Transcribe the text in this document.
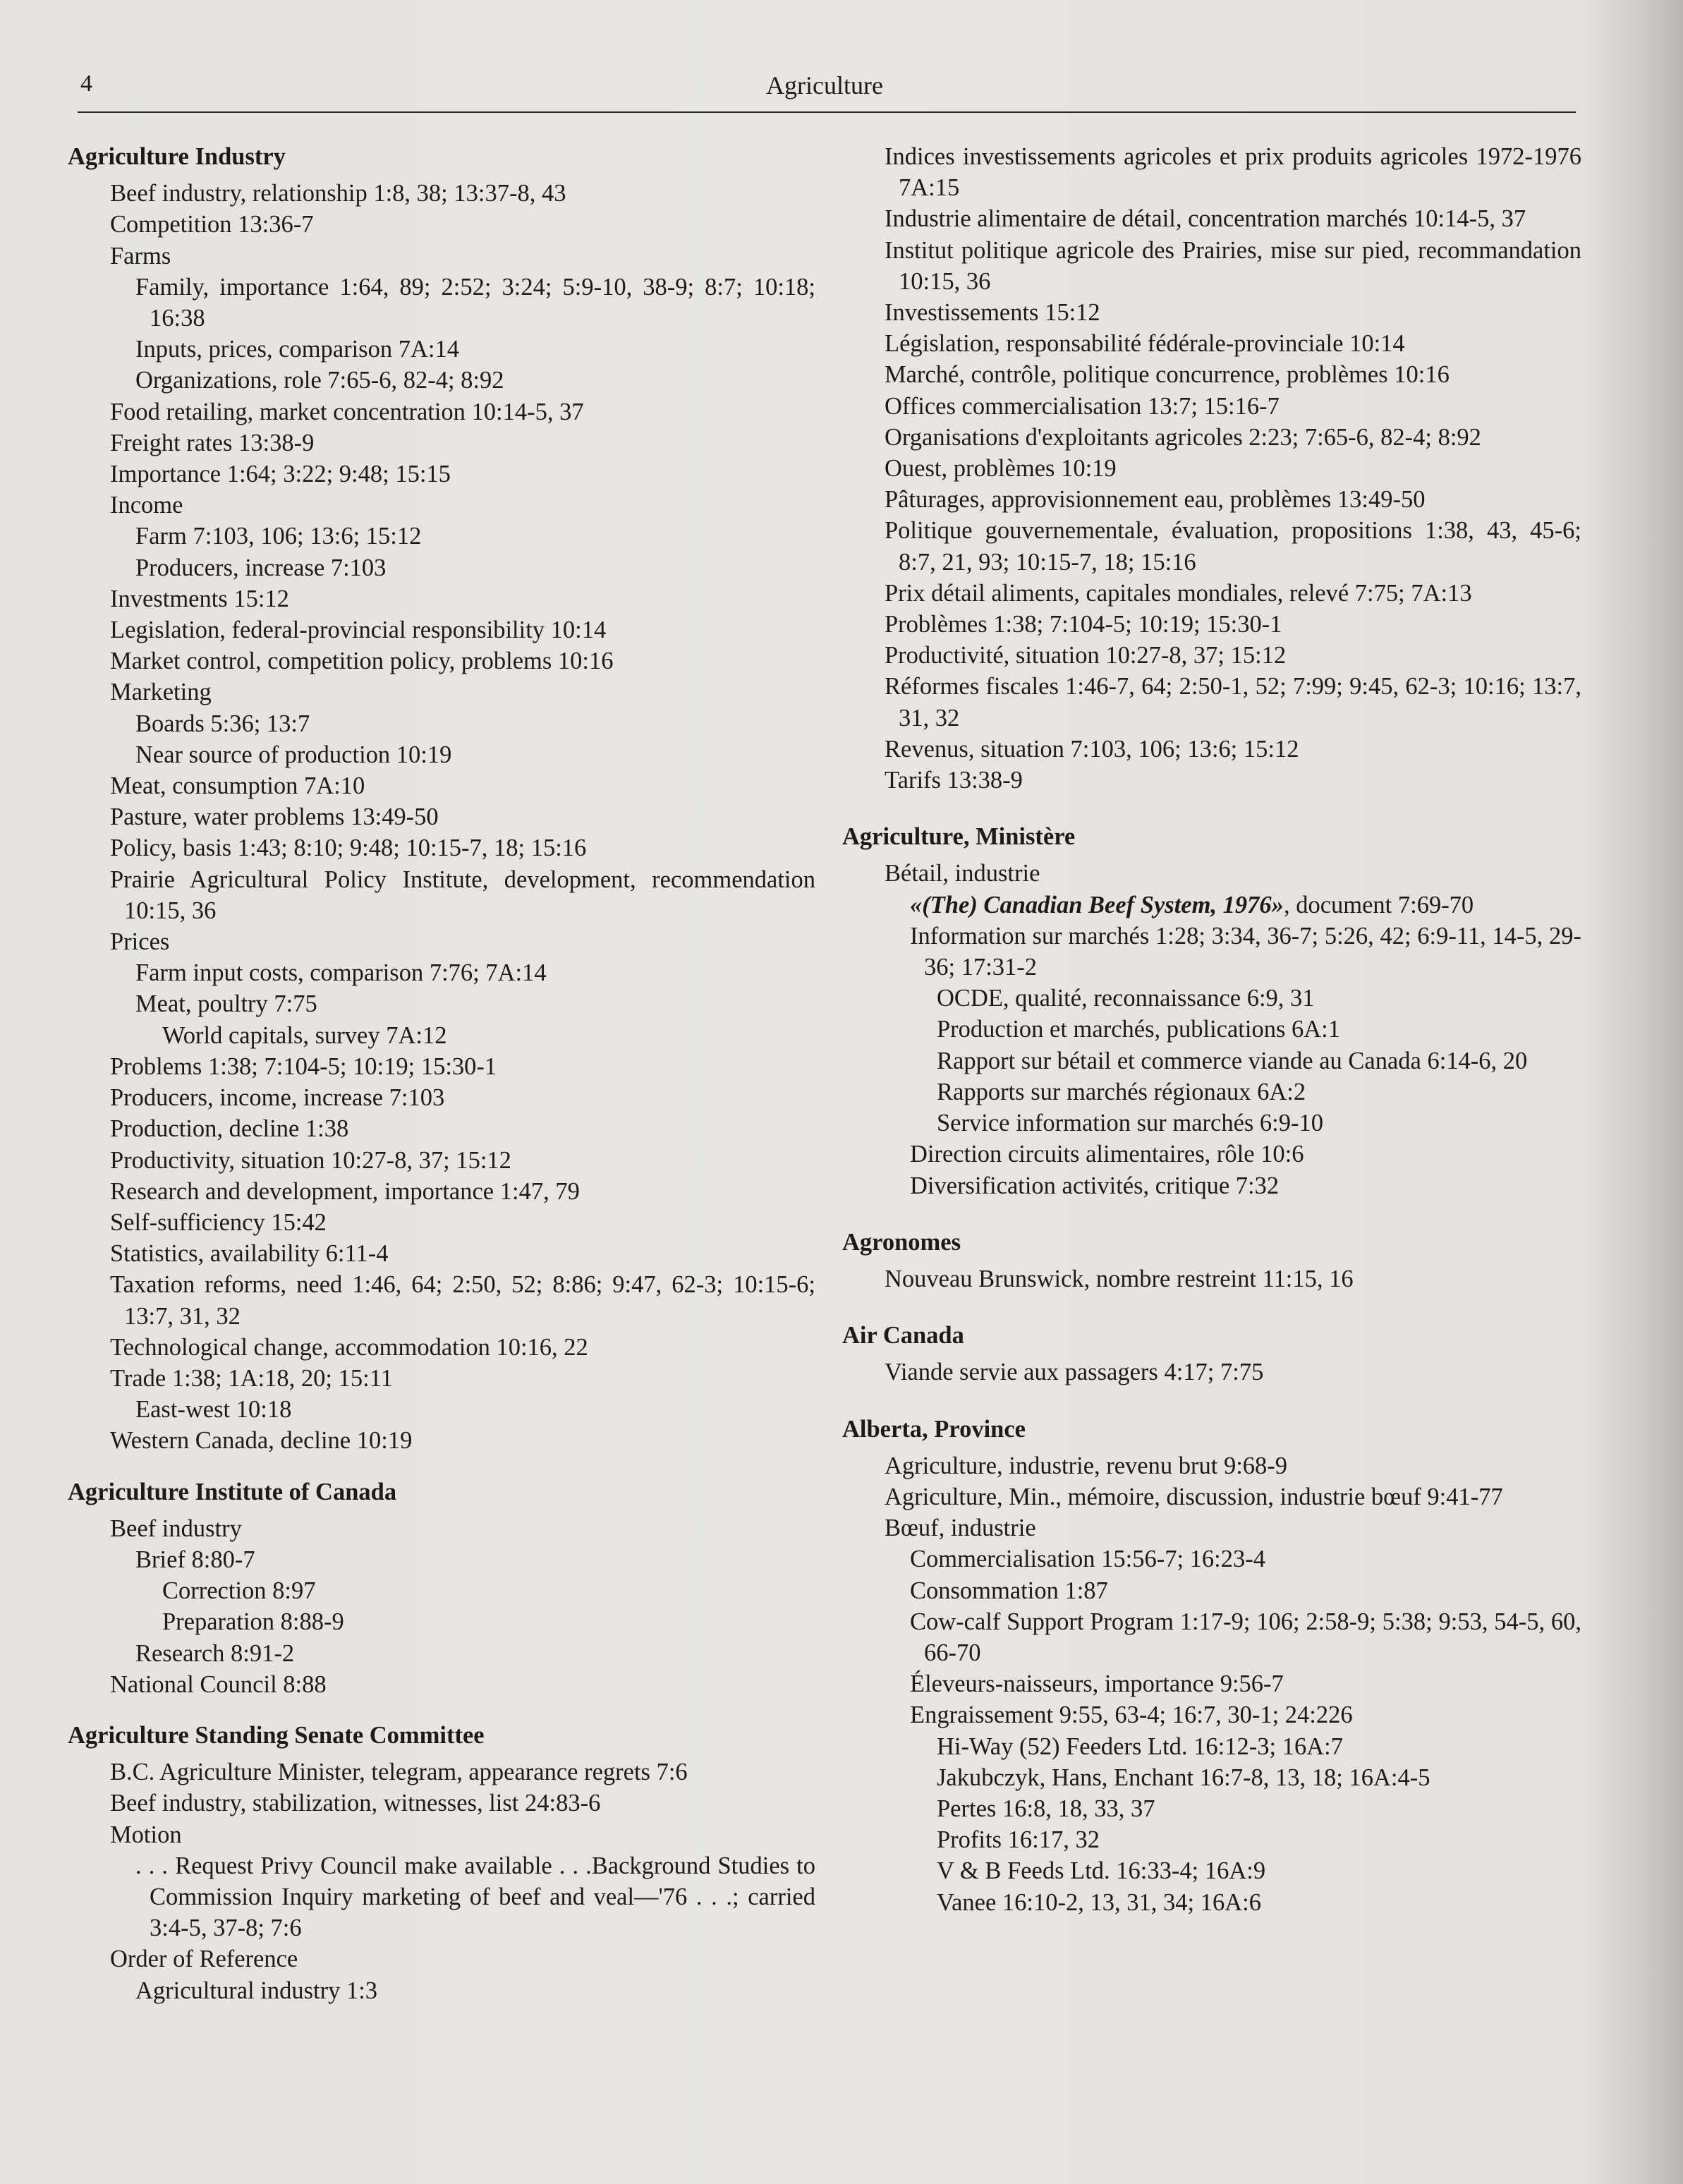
4	Agriculture
Agriculture Industry
Beef industry, relationship 1:8, 38; 13:37-8, 43
Competition 13:36-7
Farms
Family, importance 1:64, 89; 2:52; 3:24; 5:9-10, 38-9; 8:7; 10:18; 16:38
Inputs, prices, comparison 7A:14
Organizations, role 7:65-6, 82-4; 8:92
Food retailing, market concentration 10:14-5, 37
Freight rates 13:38-9
Importance 1:64; 3:22; 9:48; 15:15
Income
Farm 7:103, 106; 13:6; 15:12
Producers, increase 7:103
Investments 15:12
Legislation, federal-provincial responsibility 10:14
Market control, competition policy, problems 10:16
Marketing
Boards 5:36; 13:7
Near source of production 10:19
Meat, consumption 7A:10
Pasture, water problems 13:49-50
Policy, basis 1:43; 8:10; 9:48; 10:15-7, 18; 15:16
Prairie Agricultural Policy Institute, development, recommendation 10:15, 36
Prices
Farm input costs, comparison 7:76; 7A:14
Meat, poultry 7:75
World capitals, survey 7A:12
Problems 1:38; 7:104-5; 10:19; 15:30-1
Producers, income, increase 7:103
Production, decline 1:38
Productivity, situation 10:27-8, 37; 15:12
Research and development, importance 1:47, 79
Self-sufficiency 15:42
Statistics, availability 6:11-4
Taxation reforms, need 1:46, 64; 2:50, 52; 8:86; 9:47, 62-3; 10:15-6; 13:7, 31, 32
Technological change, accommodation 10:16, 22
Trade 1:38; 1A:18, 20; 15:11
East-west 10:18
Western Canada, decline 10:19
Agriculture Institute of Canada
Beef industry
Brief 8:80-7
Correction 8:97
Preparation 8:88-9
Research 8:91-2
National Council 8:88
Agriculture Standing Senate Committee
B.C. Agriculture Minister, telegram, appearance regrets 7:6
Beef industry, stabilization, witnesses, list 24:83-6
Motion
. . . Request Privy Council make available . . .Background Studies to Commission Inquiry marketing of beef and veal—'76 . . .; carried 3:4-5, 37-8; 7:6
Order of Reference
Agricultural industry 1:3
Indices investissements agricoles et prix produits agricoles 1972-1976 7A:15
Industrie alimentaire de détail, concentration marchés 10:14-5, 37
Institut politique agricole des Prairies, mise sur pied, recommandation 10:15, 36
Investissements 15:12
Législation, responsabilité fédérale-provinciale 10:14
Marché, contrôle, politique concurrence, problèmes 10:16
Offices commercialisation 13:7; 15:16-7
Organisations d'exploitants agricoles 2:23; 7:65-6, 82-4; 8:92
Ouest, problèmes 10:19
Pâturages, approvisionnement eau, problèmes 13:49-50
Politique gouvernementale, évaluation, propositions 1:38, 43, 45-6; 8:7, 21, 93; 10:15-7, 18; 15:16
Prix détail aliments, capitales mondiales, relevé 7:75; 7A:13
Problèmes 1:38; 7:104-5; 10:19; 15:30-1
Productivité, situation 10:27-8, 37; 15:12
Réformes fiscales 1:46-7, 64; 2:50-1, 52; 7:99; 9:45, 62-3; 10:16; 13:7, 31, 32
Revenus, situation 7:103, 106; 13:6; 15:12
Tarifs 13:38-9
Agriculture, Ministère
Bétail, industrie
«(The) Canadian Beef System, 1976», document 7:69-70
Information sur marchés 1:28; 3:34, 36-7; 5:26, 42; 6:9-11, 14-5, 29-36; 17:31-2
OCDE, qualité, reconnaissance 6:9, 31
Production et marchés, publications 6A:1
Rapport sur bétail et commerce viande au Canada 6:14-6, 20
Rapports sur marchés régionaux 6A:2
Service information sur marchés 6:9-10
Direction circuits alimentaires, rôle 10:6
Diversification activités, critique 7:32
Agronomes
Nouveau Brunswick, nombre restreint 11:15, 16
Air Canada
Viande servie aux passagers 4:17; 7:75
Alberta, Province
Agriculture, industrie, revenu brut 9:68-9
Agriculture, Min., mémoire, discussion, industrie bœuf 9:41-77
Bœuf, industrie
Commercialisation 15:56-7; 16:23-4
Consommation 1:87
Cow-calf Support Program 1:17-9; 106; 2:58-9; 5:38; 9:53, 54-5, 60, 66-70
Éleveurs-naisseurs, importance 9:56-7
Engraissement 9:55, 63-4; 16:7, 30-1; 24:226
Hi-Way (52) Feeders Ltd. 16:12-3; 16A:7
Jakubczyk, Hans, Enchant 16:7-8, 13, 18; 16A:4-5
Pertes 16:8, 18, 33, 37
Profits 16:17, 32
V & B Feeds Ltd. 16:33-4; 16A:9
Vanee 16:10-2, 13, 31, 34; 16A:6
